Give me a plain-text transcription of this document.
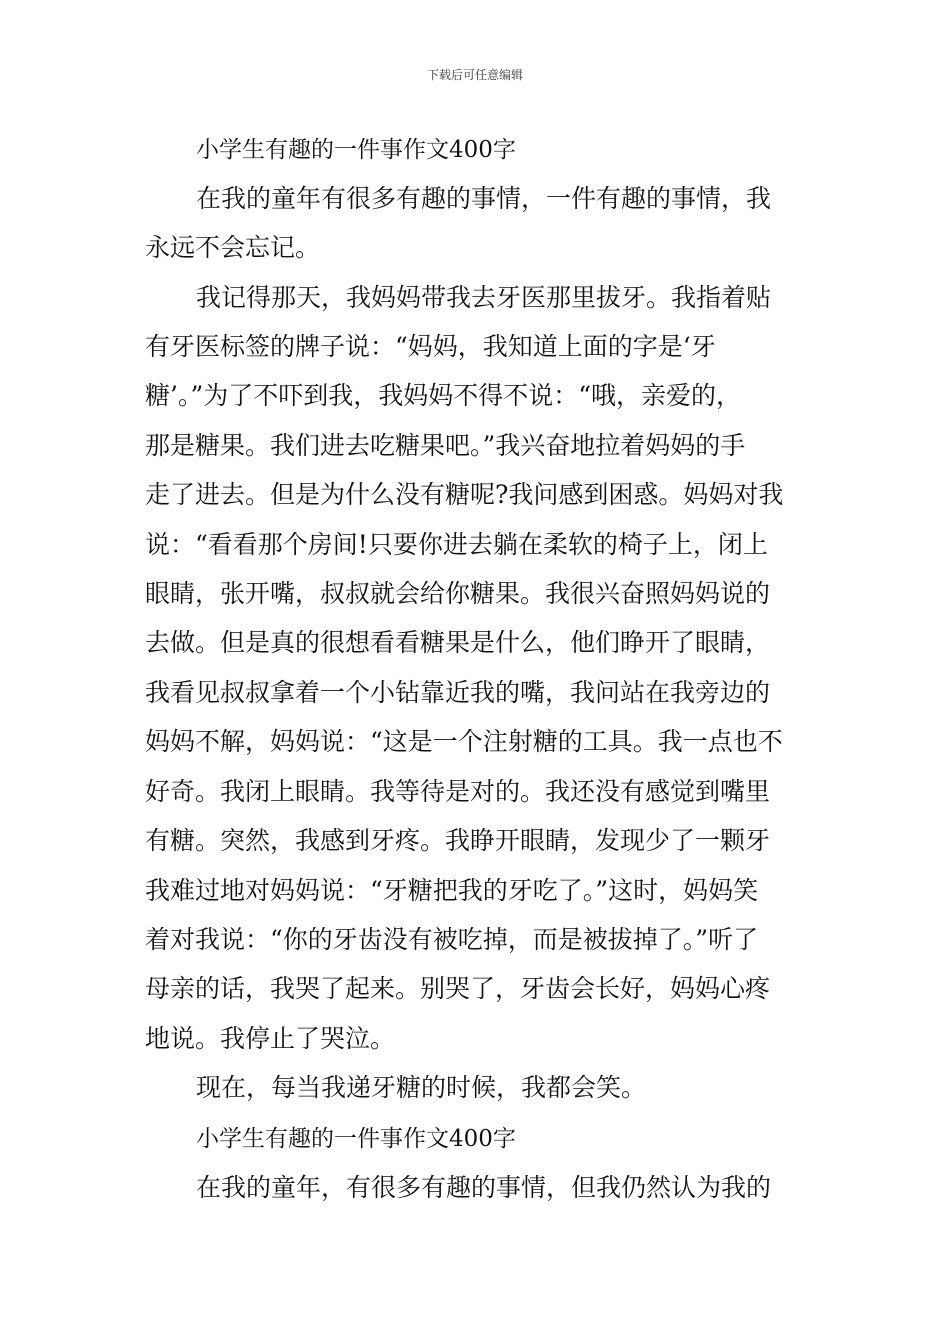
下载后可任意编辑
小学生有趣的一件事作文400字
在我的童年有很多有趣的事情，一件有趣的事情，我
永远不会忘记。
我记得那天，我妈妈带我去牙医那里拔牙。我指着贴
有牙医标签的牌子说：“妈妈，我知道上面的字是‘牙
糖’。”为了不吓到我，我妈妈不得不说：“哦，亲爱的，
那是糖果。我们进去吃糖果吧。”我兴奋地拉着妈妈的手
走了进去。但是为什么没有糖呢?我问感到困惑。妈妈对我
说：“看看那个房间!只要你进去躺在柔软的椅子上，闭上
眼睛，张开嘴，叔叔就会给你糖果。我很兴奋照妈妈说的
去做。但是真的很想看看糖果是什么，他们睁开了眼睛，
我看见叔叔拿着一个小钻靠近我的嘴，我问站在我旁边的
妈妈不解，妈妈说：“这是一个注射糖的工具。我一点也不
好奇。我闭上眼睛。我等待是对的。我还没有感觉到嘴里
有糖。突然，我感到牙疼。我睁开眼睛，发现少了一颗牙
我难过地对妈妈说：“牙糖把我的牙吃了。”这时，妈妈笑
着对我说：“你的牙齿没有被吃掉，而是被拔掉了。”听了
母亲的话，我哭了起来。别哭了，牙齿会长好，妈妈心疼
地说。我停止了哭泣。
现在，每当我递牙糖的时候，我都会笑。
小学生有趣的一件事作文400字
在我的童年，有很多有趣的事情，但我仍然认为我的
